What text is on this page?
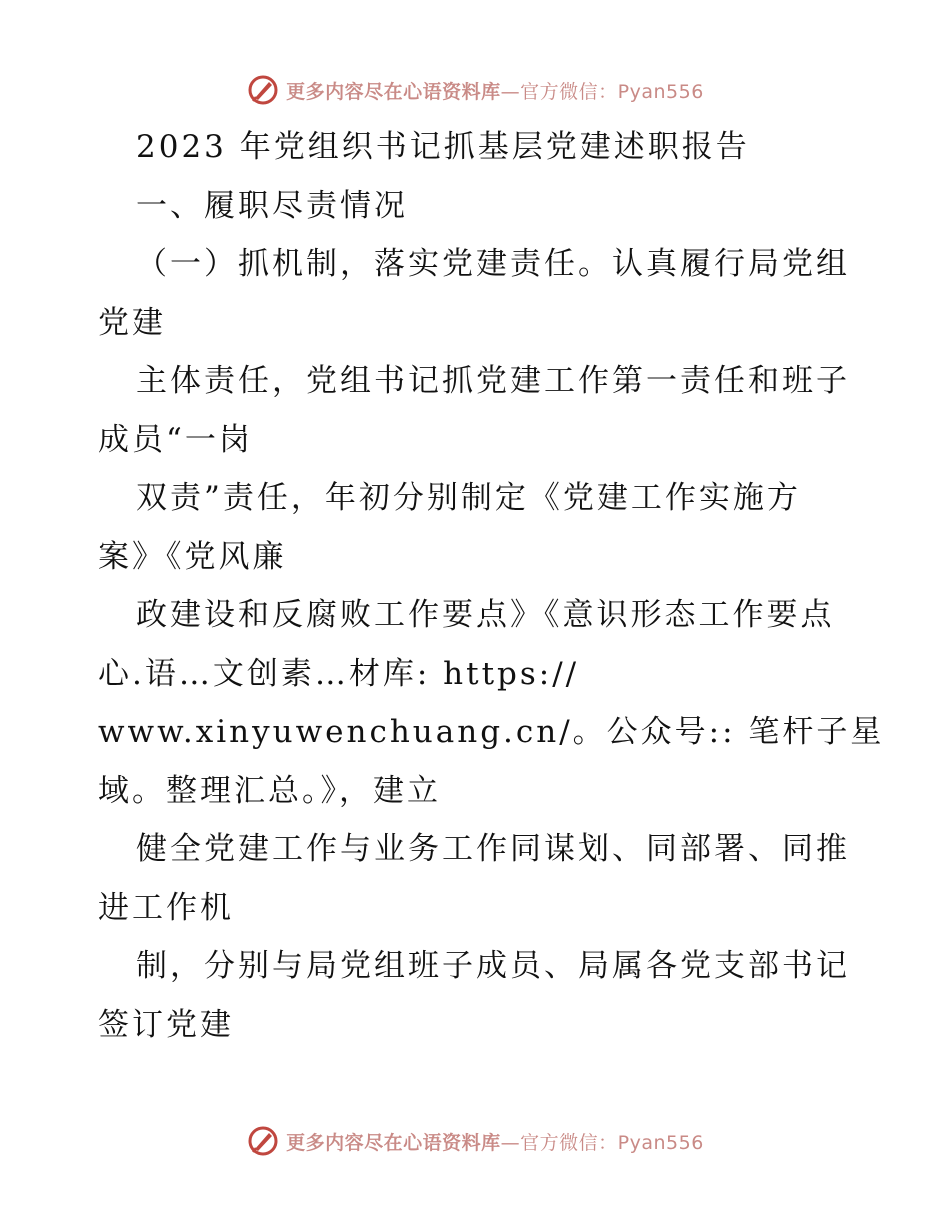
更多内容尽在心语资料库—官方微信：Pyan556
2023 年党组织书记抓基层党建述职报告
一、履职尽责情况
（一）抓机制，落实党建责任。认真履行局党组
党建
主体责任，党组书记抓党建工作第一责任和班子
成员“一岗
双责”责任，年初分别制定《党建工作实施方
案》《党风廉
政建设和反腐败工作要点》《意识形态工作要点
心.语…文创素…材库: https://
www.xinyuwenchuang.cn/。公众号:: 笔杆子星
域。整理汇总。》，建立
健全党建工作与业务工作同谋划、同部署、同推
进工作机
制，分别与局党组班子成员、局属各党支部书记
签订党建
更多内容尽在心语资料库—官方微信：Pyan556
